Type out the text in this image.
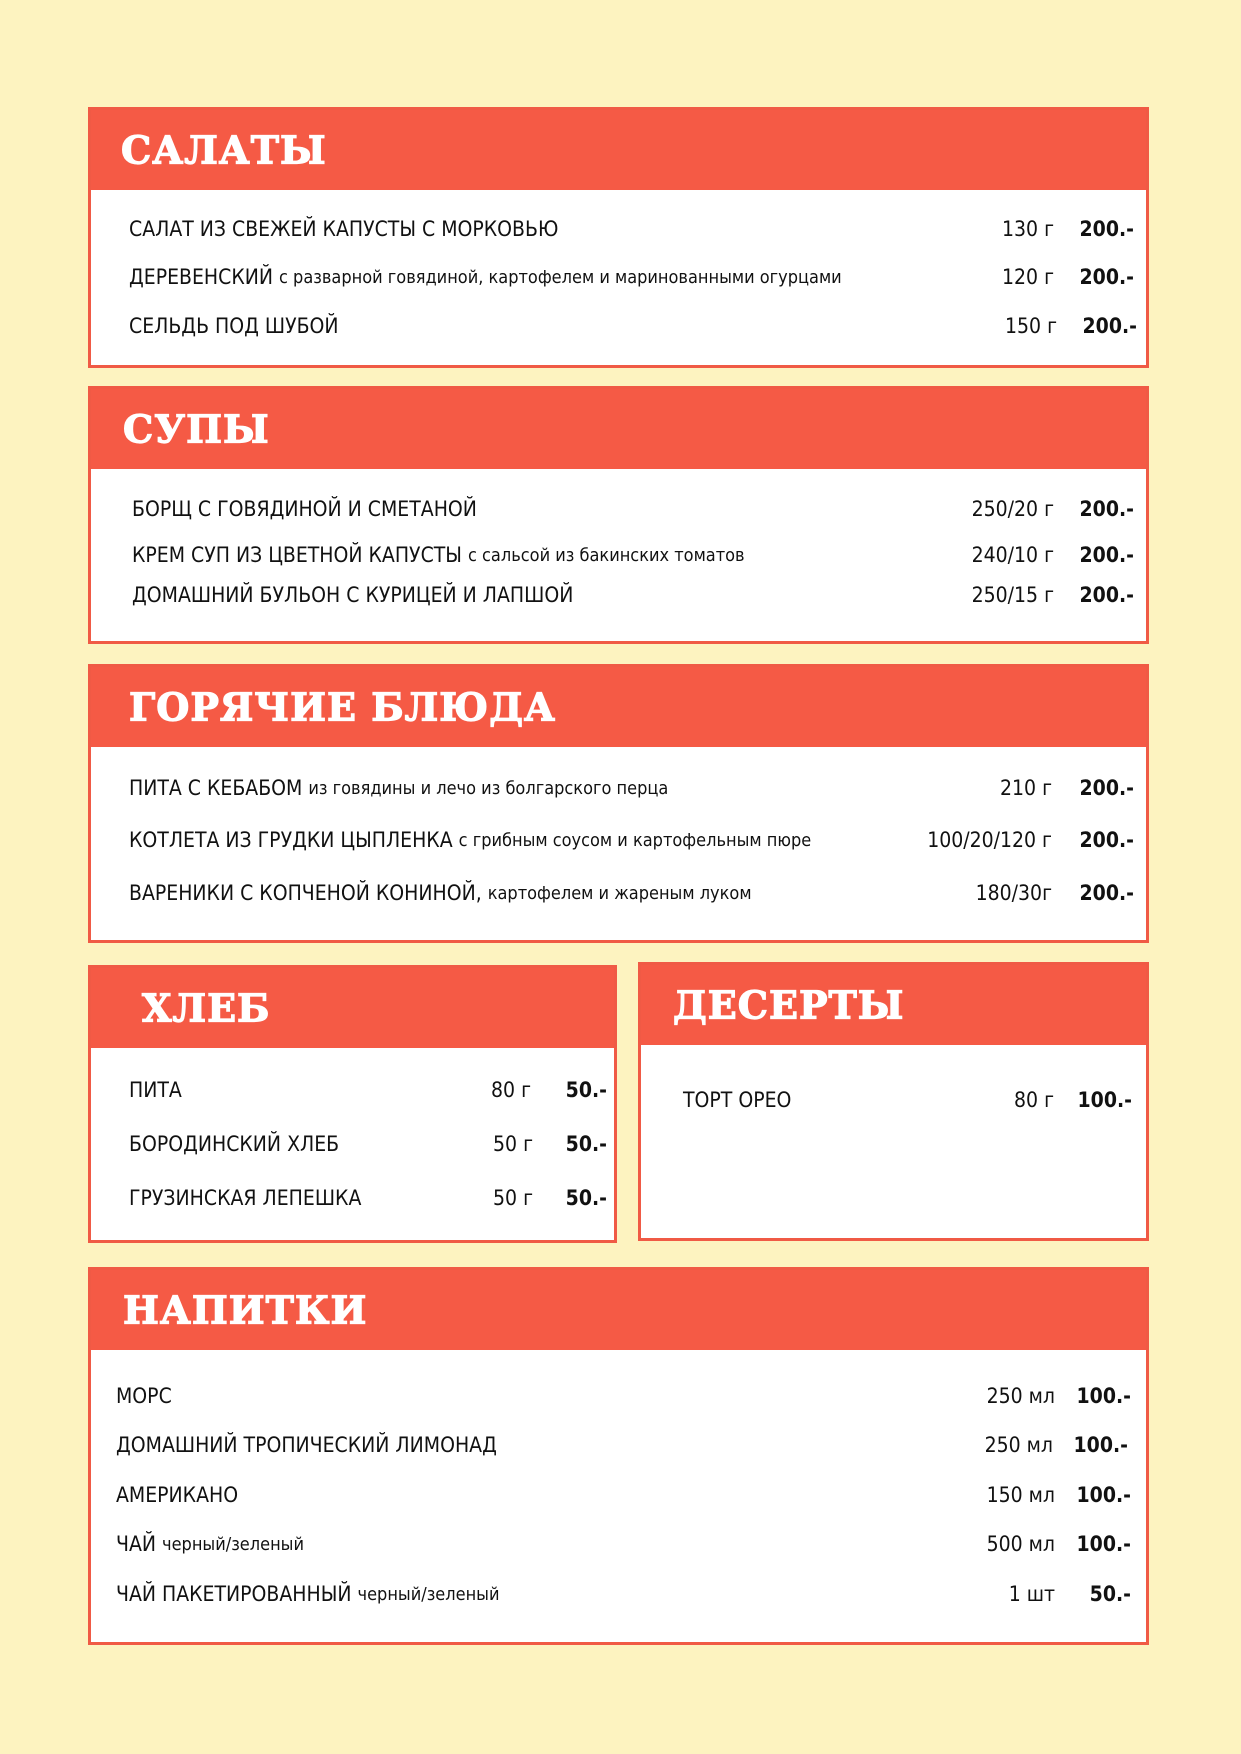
САЛАТЫ
САЛАТ ИЗ СВЕЖЕЙ КАПУСТЫ С МОРКОВЬЮ	130 г 200.-
ДЕРЕВЕНСКИЙ с разварной говядиной, картофелем и маринованными огурцами	120 г 200.-
СЕЛЬДЬ ПОД ШУБОЙ	150 г 200.-
СУПЫ
БОРЩ С ГОВЯДИНОЙ И СМЕТАНОЙ	250/20 г 200.-
КРЕМ СУП ИЗ ЦВЕТНОЙ КАПУСТЫ с сальсой из бакинских томатов	240/10 г 200.-
ДОМАШНИЙ БУЛЬОН С КУРИЦЕЙ И ЛАПШОЙ	250/15 г 200.-
ГОРЯЧИЕ БЛЮДА
ПИТА С КЕБАБОМ из говядины и лечо из болгарского перца	210 г 200.-
КОТЛЕТА ИЗ ГРУДКИ ЦЫПЛЕНКА с грибным соусом и картофельным пюре	100/20/120 г 200.-
ВАРЕНИКИ С КОПЧЕНОЙ КОНИНОЙ, картофелем и жареным луком	180/30г 200.-
ХЛЕБ
ПИТА	80 г 50.-
БОРОДИНСКИЙ ХЛЕБ	50 г 50.-
ГРУЗИНСКАЯ ЛЕПЕШКА	50 г 50.-
ДЕСЕРТЫ
ТОРТ ОРЕО	80 г 100.-
НАПИТКИ
МОРС	250 мл 100.-
ДОМАШНИЙ ТРОПИЧЕСКИЙ ЛИМОНАД	250 мл 100.-
АМЕРИКАНО	150 мл 100.-
ЧАЙ черный/зеленый	500 мл 100.-
ЧАЙ ПАКЕТИРОВАННЫЙ черный/зеленый	1 шт 50.-
